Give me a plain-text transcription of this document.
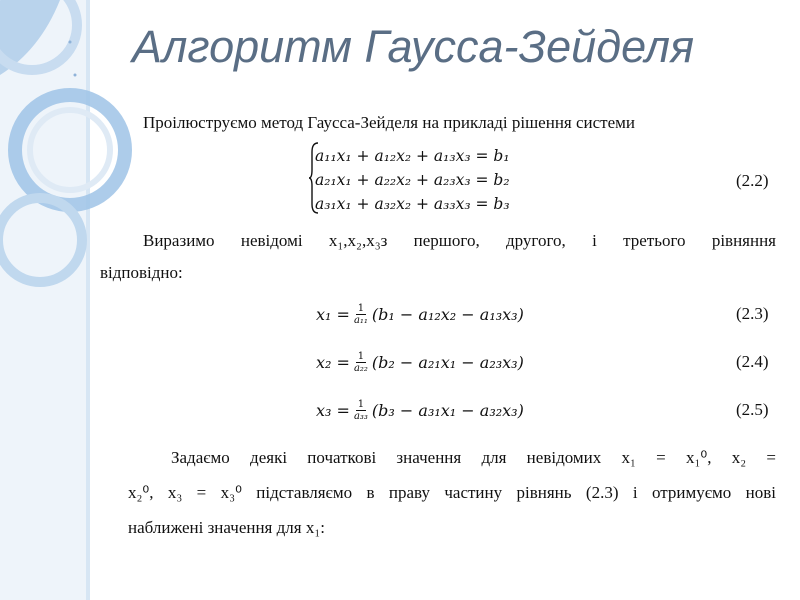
Алгоритм Гаусса-Зейделя
Проілюструємо метод Гаусса-Зейделя на прикладі рішення системи
a₁₁x₁ + a₁₂x₂ + a₁₃x₃ = b₁
a₂₁x₁ + a₂₂x₂ + a₂₃x₃ = b₂
a₃₁x₁ + a₃₂x₂ + a₃₃x₃ = b₃
(2.2)
Виразимо невідомі x₁,x₂,x₃з першого, другого, і третього рівняння
відповідно:
$x_1 = \frac{1}{\text{a₁₁}} (b_1 - a_{12}x_2 - a_{13}x_3)$	(2.3)
$x_2 = \frac{1}{\text{a₂₂}} (b_2 - a_{21}x_1 - a_{23}x_3)$	(2.4)
$x_3 = \frac{1}{\text{a₃₃}} (b_3 - a_{31}x_1 - a_{32}x_3)$	(2.5)
Задаємо деякі початкові значення для невідомих x₁ = x₁⁰, x₂ =
x₂⁰, x₃ = x₃⁰ підставляємо в праву частину рівнянь (2.3) і отримуємо нові
наближені значення для x₁:
